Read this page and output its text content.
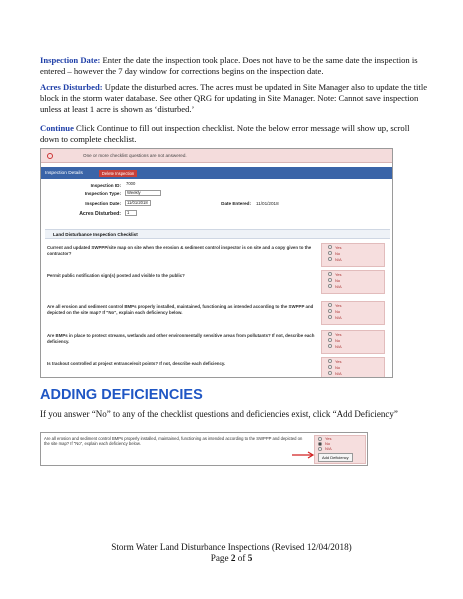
Inspection Date: Enter the date the inspection took place. Does not have to be the same date the inspection is entered – however the 7 day window for corrections begins on the inspection date.

Acres Disturbed: Update the disturbed acres. The acres must be updated in Site Manager also to update the title block in the storm water database. See other QRG for updating in Site Manager. Note: Cannot save inspection unless at least 1 acre is shown as ‘disturbed.’

Continue Click Continue to fill out inspection checklist. Note the below error message will show up, scroll down to complete checklist.

One or more checklist questions are not answered.
Inspection Details	Delete Inspection
Inspection ID: 7000
Inspection Type:	Weekly
Inspection Date:	11/01/2018	Date Entered: 11/01/2018
Acres Disturbed:	1
Land Disturbance Inspection Checklist
Current and updated SWPPP/site map on site when the erosion & sediment control inspector is on site and a copy given to the contractor?
Yes
No
N/A
Permit public notification sign(s) posted and visible to the public?	Yes
No
N/A
Are all erosion and sediment control BMPs properly installed, maintained, functioning as intended according to the SWPPP and depicted on the site map? If "No", explain each deficiency below.
Yes
No
N/A
Are BMPs in place to protect streams, wetlands and other environmentally sensitive areas from pollutants? If not, describe each deficiency.
Yes
No
N/A
Is trackout controlled at project entrance/exit points? If not, describe each deficiency.	Yes
No
N/A
ADDING DEFICIENCIES

If you answer “No” to any of the checklist questions and deficiencies exist, click “Add Deficiency”

Are all erosion and sediment control BMPs properly installed, maintained, functioning as intended according to the SWPPP and depicted on the site map? If "No", explain each deficiency below.
Yes
No
N/A
Add Deficiency
Storm Water Land Disturbance Inspections (Revised 12/04/2018)
Page 2 of 5
